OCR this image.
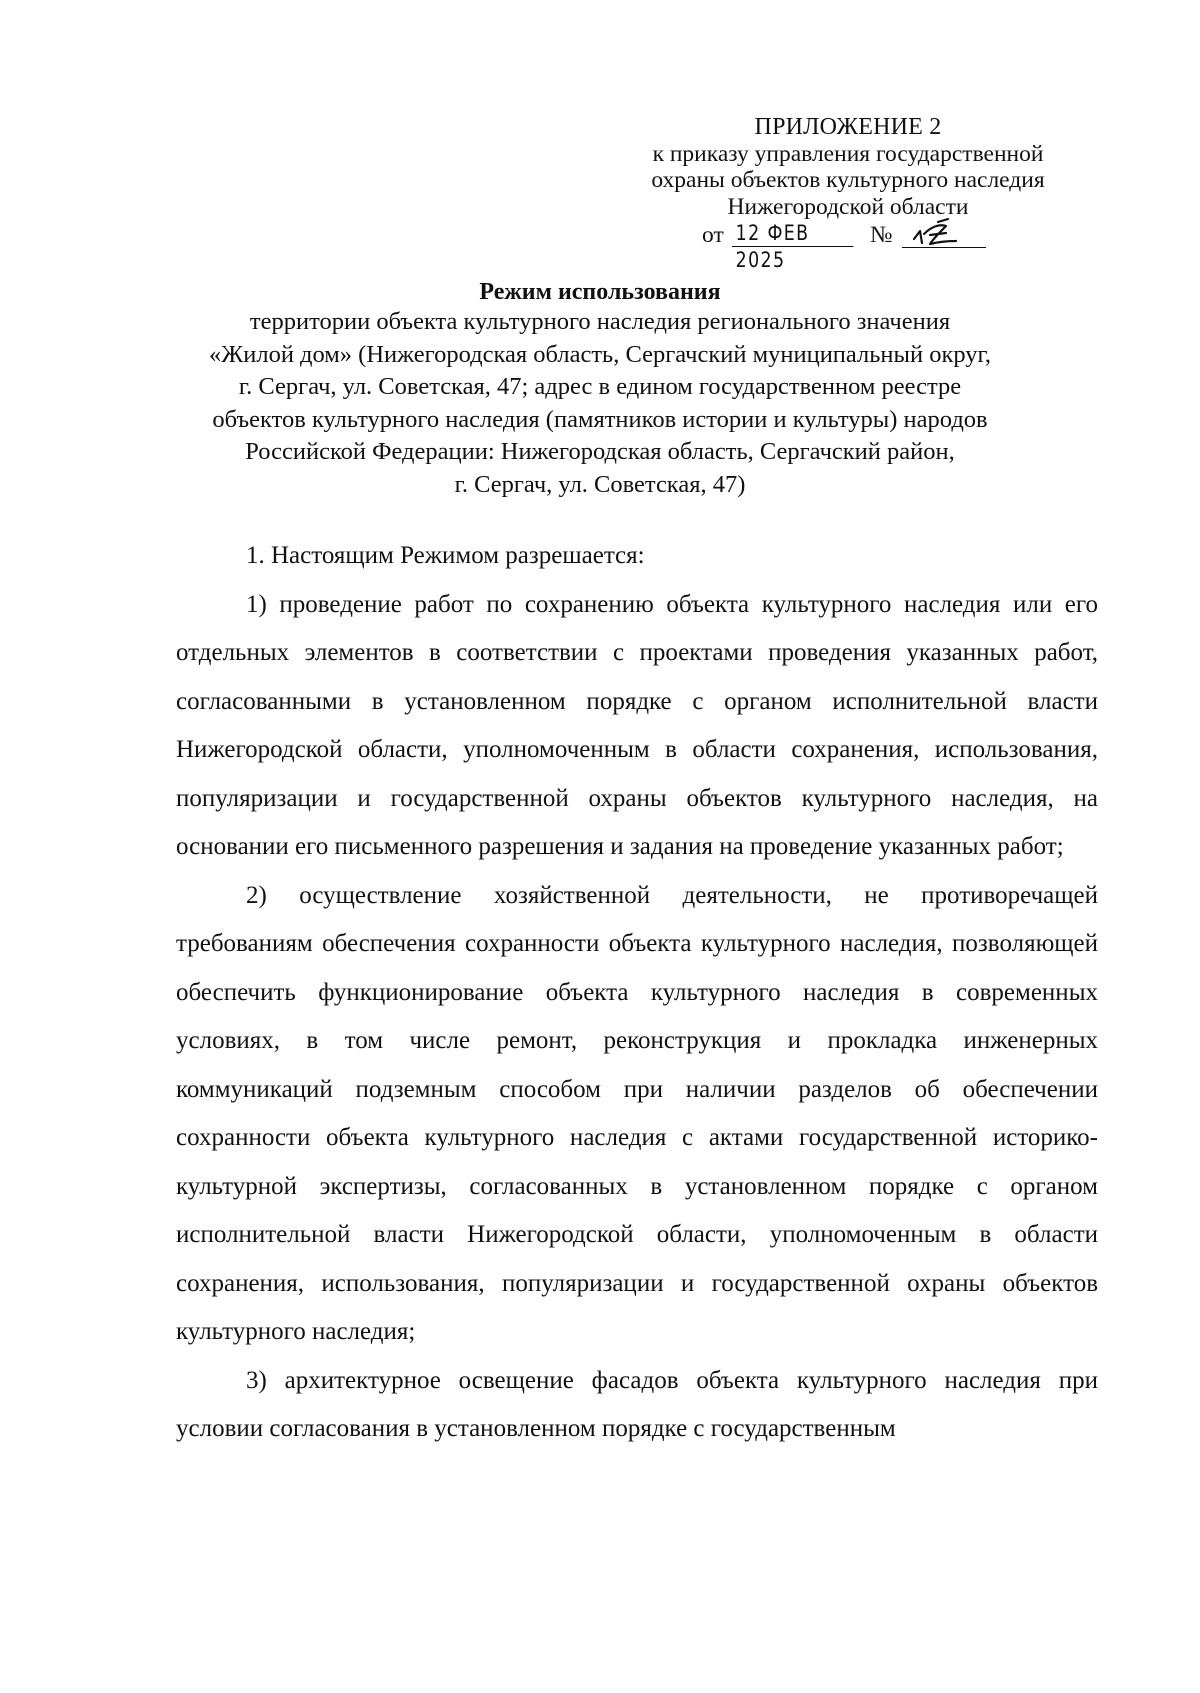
ПРИЛОЖЕНИЕ 2
к приказу управления государственной
охраны объектов культурного наследия
Нижегородской области
от 12 ФЕВ 2025
№
Режим использования
территории объекта культурного наследия регионального значения
«Жилой дом» (Нижегородская область, Сергачский муниципальный округ,
г. Сергач, ул. Советская, 47; адрес в едином государственном реестре
объектов культурного наследия (памятников истории и культуры) народов
Российской Федерации: Нижегородская область, Сергачский район,
г. Сергач, ул. Советская, 47)

1. Настоящим Режимом разрешается:

1) проведение работ по сохранению объекта культурного наследия или его отдельных элементов в соответствии с проектами проведения указанных работ, согласованными в установленном порядке с органом исполнительной власти Нижегородской области, уполномоченным в области сохранения, использования, популяризации и государственной охраны объектов культурного наследия, на основании его письменного разрешения и задания на проведение указанных работ;

2) осуществление хозяйственной деятельности, не противоречащей требованиям обеспечения сохранности объекта культурного наследия, позволяющей обеспечить функционирование объекта культурного наследия в современных условиях, в том числе ремонт, реконструкция и прокладка инженерных коммуникаций подземным способом при наличии разделов об обеспечении сохранности объекта культурного наследия с актами государственной историко-культурной экспертизы, согласованных в установленном порядке с органом исполнительной власти Нижегородской области, уполномоченным в области сохранения, использования, популяризации и государственной охраны объектов культурного наследия;

3) архитектурное освещение фасадов объекта культурного наследия при условии согласования в установленном порядке с государственным
